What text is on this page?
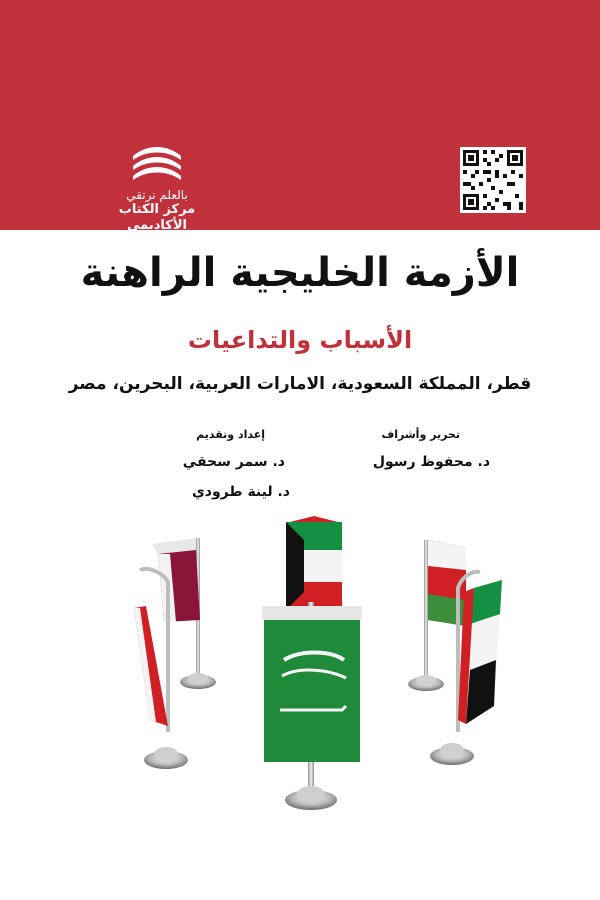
بالعلم نرتقي
مركز الكتاب الأكاديمي
الأزمة الخليجية الراهنة
الأسباب والتداعيات
قطر، المملكة السعودية، الامارات العربية، البحرين، مصر
تحرير وأشراف
د. محفوظ رسول
إعداد وتقديم
د. سمر سحقي
د. لينة طرودي
